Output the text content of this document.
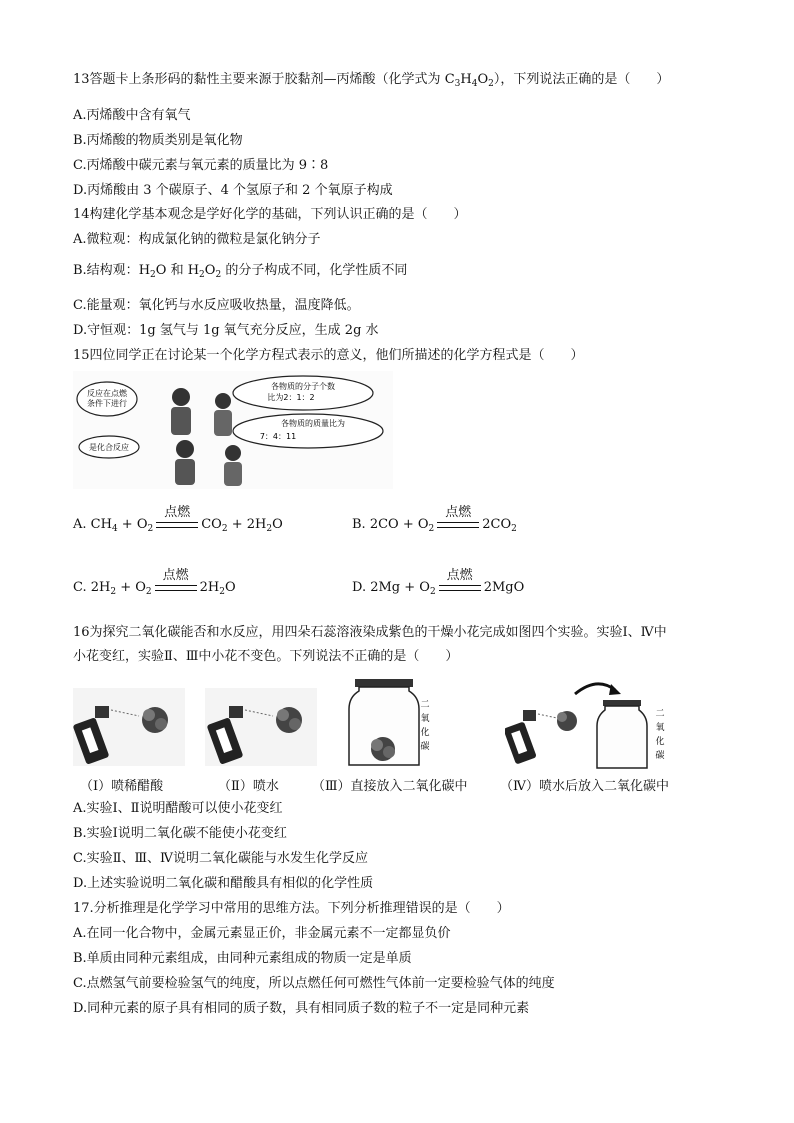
13答题卡上条形码的黏性主要来源于胶黏剂—丙烯酸（化学式为 $C_3H_4O_2$），下列说法正确的是（　　）
A.丙烯酸中含有氧气
B.丙烯酸的物质类别是氧化物
C.丙烯酸中碳元素与氧元素的质量比为 9∶8
D.丙烯酸由 3 个碳原子、4 个氢原子和 2 个氧原子构成
14构建化学基本观念是学好化学的基础，下列认识正确的是（　　）
A.微粒观：构成氯化钠的微粒是氯化钠分子
B.结构观：$H_2O$ 和 $H_2O_2$ 的分子构成不同，化学性质不同
C.能量观：氧化钙与水反应吸收热量，温度降低。
D.守恒观：1g 氢气与 1g 氧气充分反应，生成 2g 水
15四位同学正在讨论某一个化学方程式表示的意义，他们所描述的化学方程式是（　　）
反应在点燃
条件下进行
各物质的分子个数
比为2：1：2
各物质的质量比为
7：4：11
是化合反应
A. $CH_4 + O_2$
点燃
$CO_2 + 2H_2O$	B. $2CO + O_2$
点燃
$2CO_2$
C. $2H_2 + O_2$
点燃
$2H_2O$	D. $2Mg + O_2$
点燃
2MgO
16为探究二氧化碳能否和水反应，用四朵石蕊溶液染成紫色的干燥小花完成如图四个实验。实验Ⅰ、Ⅳ中
小花变红，实验Ⅱ、Ⅲ中小花不变色。下列说法不正确的是（　　）
二
氧
化
碳
二
氧
化
碳
（Ⅰ）喷稀醋酸	（Ⅱ）喷水	（Ⅲ）直接放入二氧化碳中 （Ⅳ）喷水后放入二氧化碳中
A.实验Ⅰ、Ⅱ说明醋酸可以使小花变红
B.实验Ⅰ说明二氧化碳不能使小花变红
C.实验Ⅱ、Ⅲ、Ⅳ说明二氧化碳能与水发生化学反应
D.上述实验说明二氧化碳和醋酸具有相似的化学性质
17.分析推理是化学学习中常用的思维方法。下列分析推理错误的是（　　）
A.在同一化合物中，金属元素显正价，非金属元素不一定都显负价
B.单质由同种元素组成，由同种元素组成的物质一定是单质
C.点燃氢气前要检验氢气的纯度，所以点燃任何可燃性气体前一定要检验气体的纯度
D.同种元素的原子具有相同的质子数，具有相同质子数的粒子不一定是同种元素
